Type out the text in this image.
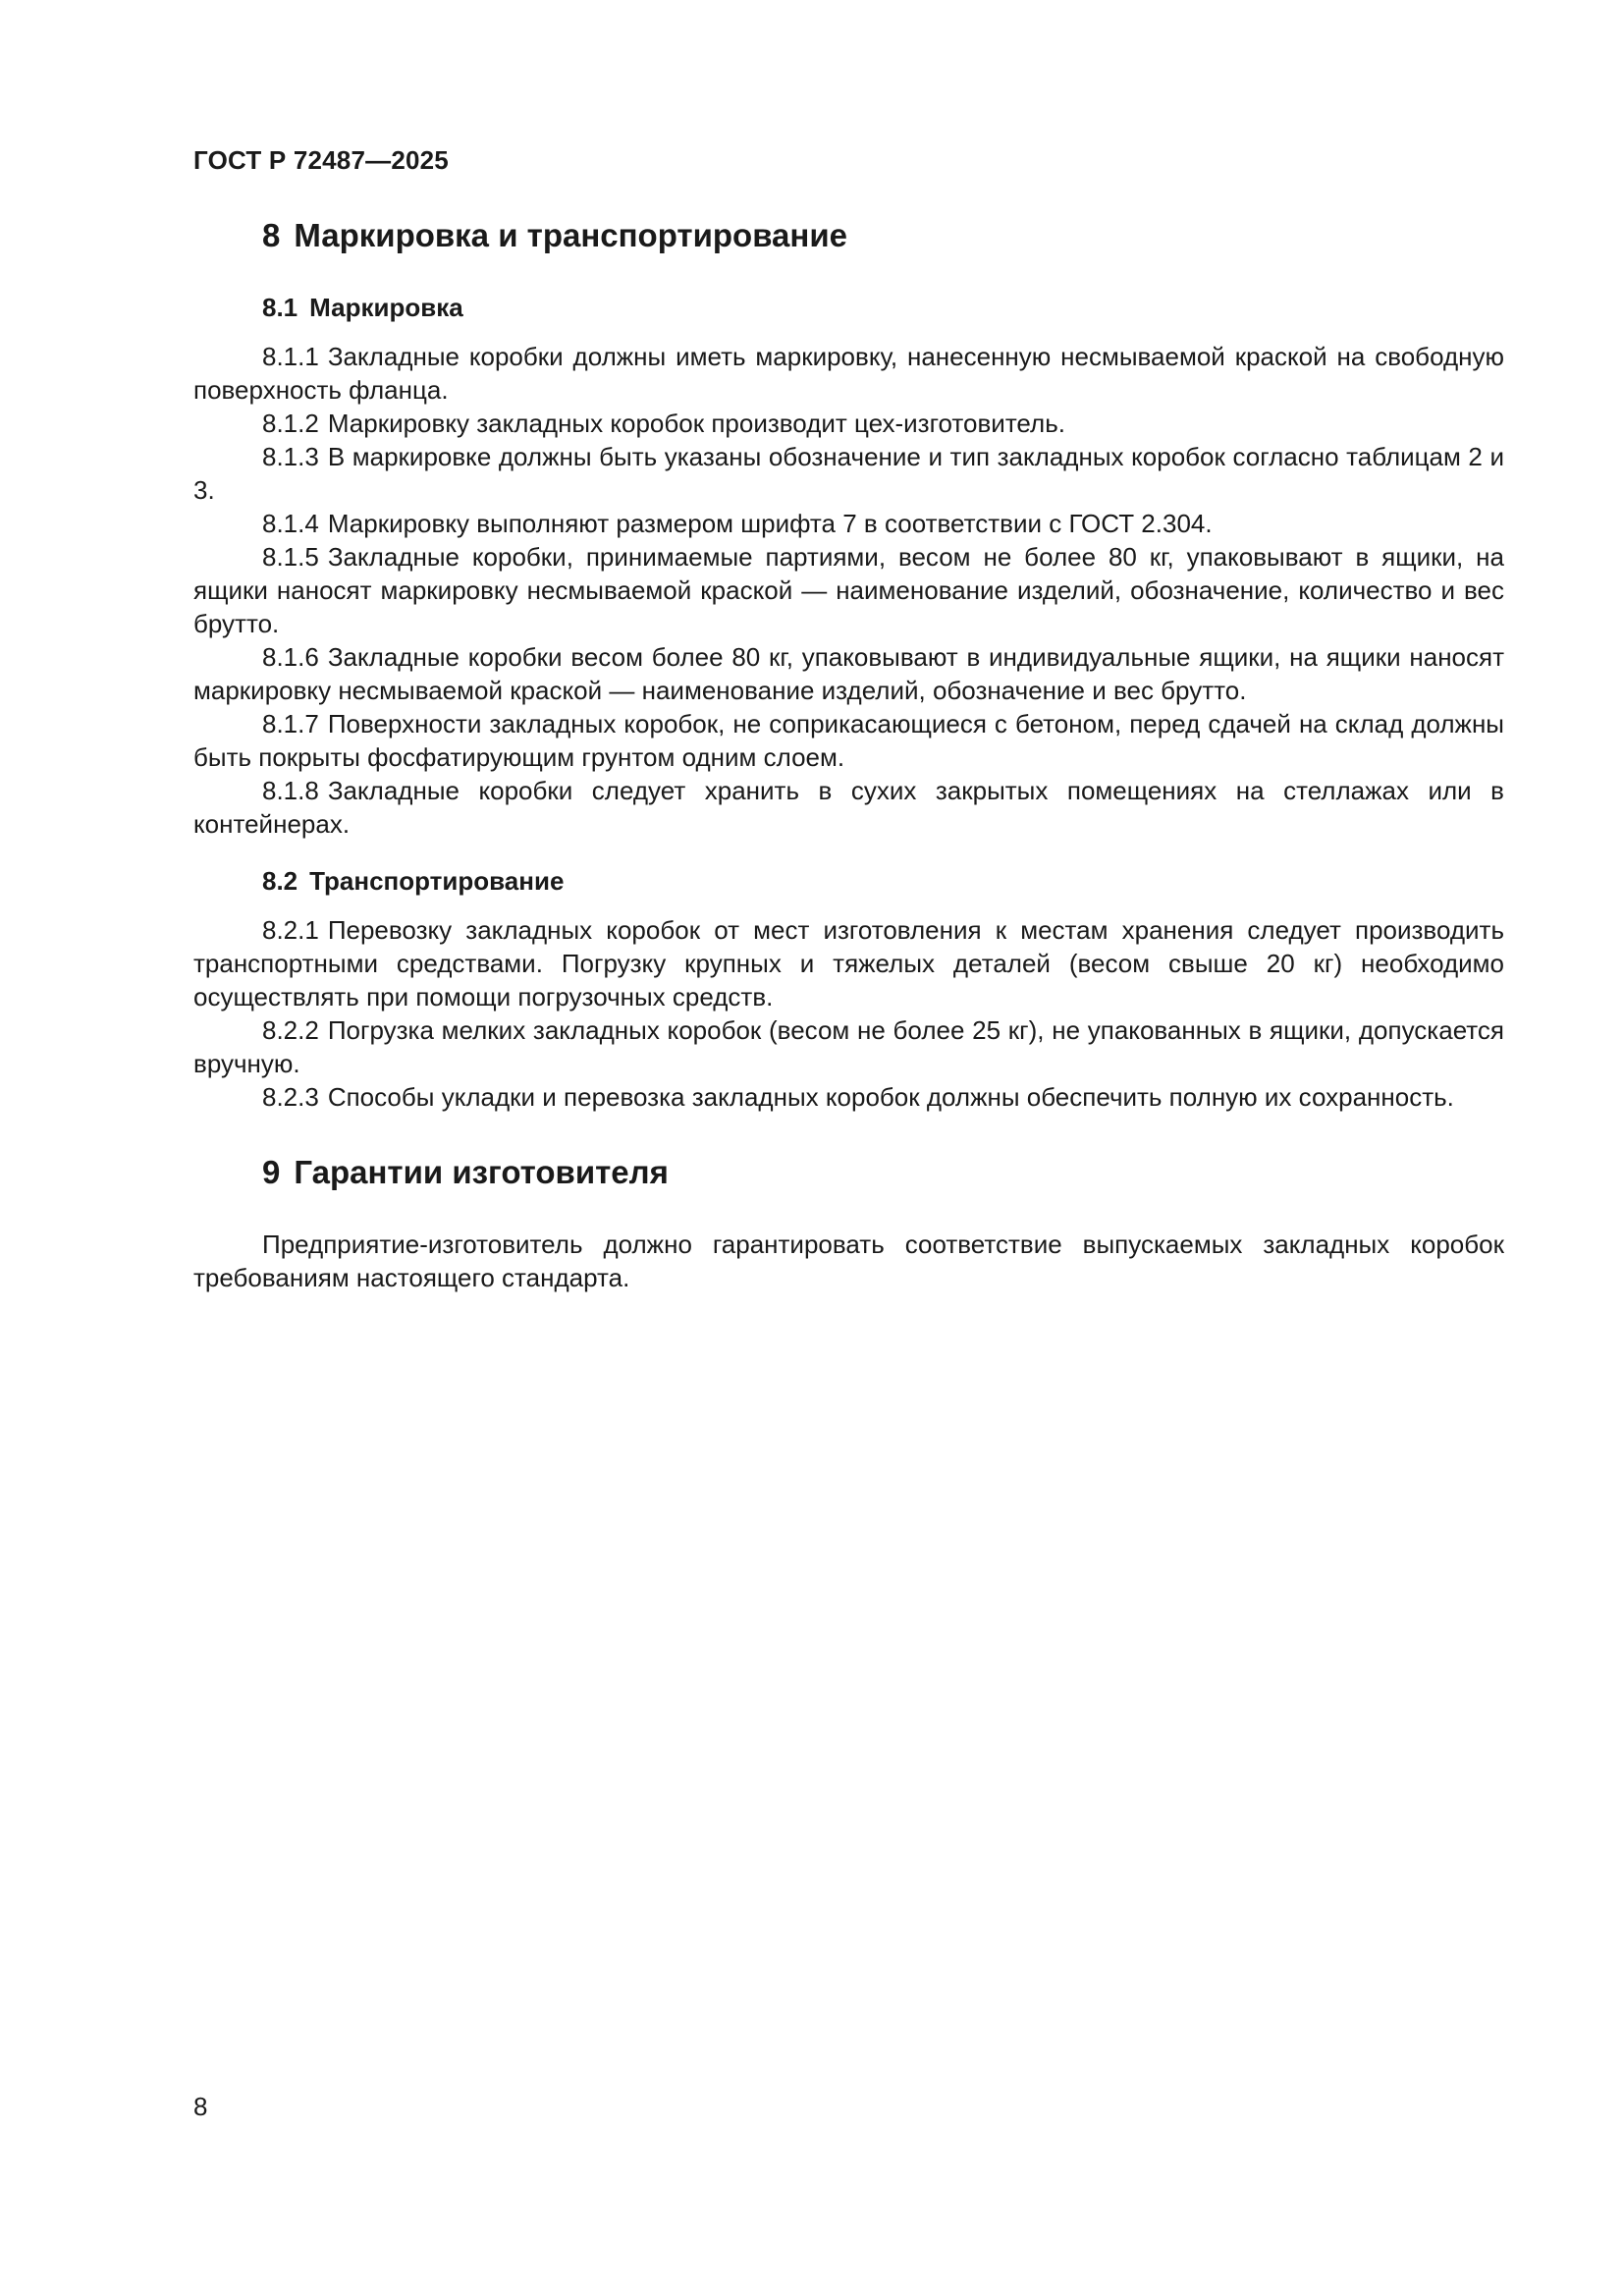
ГОСТ Р 72487—2025
8 Маркировка и транспортирование
8.1 Маркировка

8.1.1 Закладные коробки должны иметь маркировку, нанесенную несмываемой краской на свободную поверхность фланца.

8.1.2 Маркировку закладных коробок производит цех-изготовитель.

8.1.3 В маркировке должны быть указаны обозначение и тип закладных коробок согласно таблицам 2 и 3.

8.1.4 Маркировку выполняют размером шрифта 7 в соответствии с ГОСТ 2.304.

8.1.5 Закладные коробки, принимаемые партиями, весом не более 80 кг, упаковывают в ящики, на ящики наносят маркировку несмываемой краской — наименование изделий, обозначение, количество и вес брутто.

8.1.6 Закладные коробки весом более 80 кг, упаковывают в индивидуальные ящики, на ящики наносят маркировку несмываемой краской — наименование изделий, обозначение и вес брутто.

8.1.7 Поверхности закладных коробок, не соприкасающиеся с бетоном, перед сдачей на склад должны быть покрыты фосфатирующим грунтом одним слоем.

8.1.8 Закладные коробки следует хранить в сухих закрытых помещениях на стеллажах или в контейнерах.

8.2 Транспортирование

8.2.1 Перевозку закладных коробок от мест изготовления к местам хранения следует производить транспортными средствами. Погрузку крупных и тяжелых деталей (весом свыше 20 кг) необходимо осуществлять при помощи погрузочных средств.

8.2.2 Погрузка мелких закладных коробок (весом не более 25 кг), не упакованных в ящики, допускается вручную.

8.2.3 Способы укладки и перевозка закладных коробок должны обеспечить полную их сохранность.

9 Гарантии изготовителя

Предприятие-изготовитель должно гарантировать соответствие выпускаемых закладных коробок требованиям настоящего стандарта.

8
